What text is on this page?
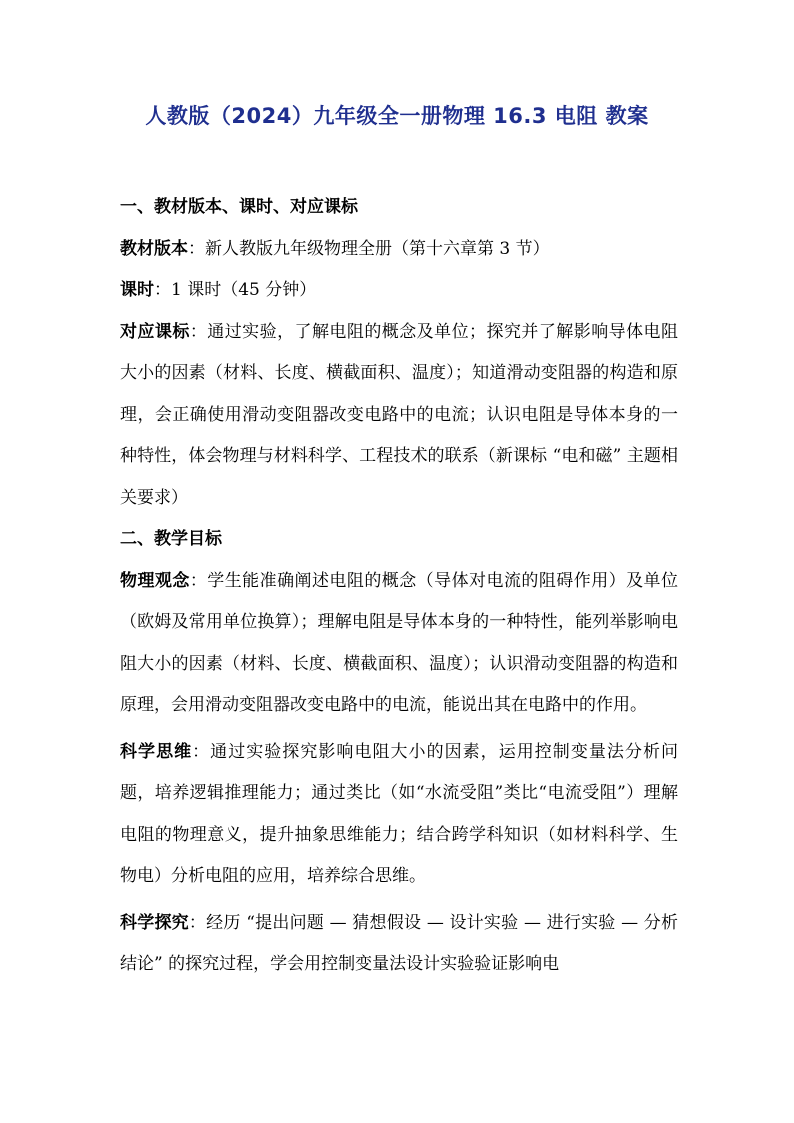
人教版（2024）九年级全一册物理 16.3 电阻 教案

一、教材版本、课时、对应课标

教材版本：新人教版九年级物理全册（第十六章第 3 节）

课时：1 课时（45 分钟）

对应课标：通过实验，了解电阻的概念及单位；探究并了解影响导体电阻大小的因素（材料、长度、横截面积、温度）；知道滑动变阻器的构造和原理，会正确使用滑动变阻器改变电路中的电流；认识电阻是导体本身的一种特性，体会物理与材料科学、工程技术的联系（新课标 “电和磁” 主题相关要求）

二、教学目标

物理观念：学生能准确阐述电阻的概念（导体对电流的阻碍作用）及单位（欧姆及常用单位换算）；理解电阻是导体本身的一种特性，能列举影响电阻大小的因素（材料、长度、横截面积、温度）；认识滑动变阻器的构造和原理，会用滑动变阻器改变电路中的电流，能说出其在电路中的作用。

科学思维：通过实验探究影响电阻大小的因素，运用控制变量法分析问题，培养逻辑推理能力；通过类比（如“水流受阻”类比“电流受阻”）理解电阻的物理意义，提升抽象思维能力；结合跨学科知识（如材料科学、生物电）分析电阻的应用，培养综合思维。

科学探究：经历 “提出问题 — 猜想假设 — 设计实验 — 进行实验 — 分析结论” 的探究过程，学会用控制变量法设计实验验证影响电
